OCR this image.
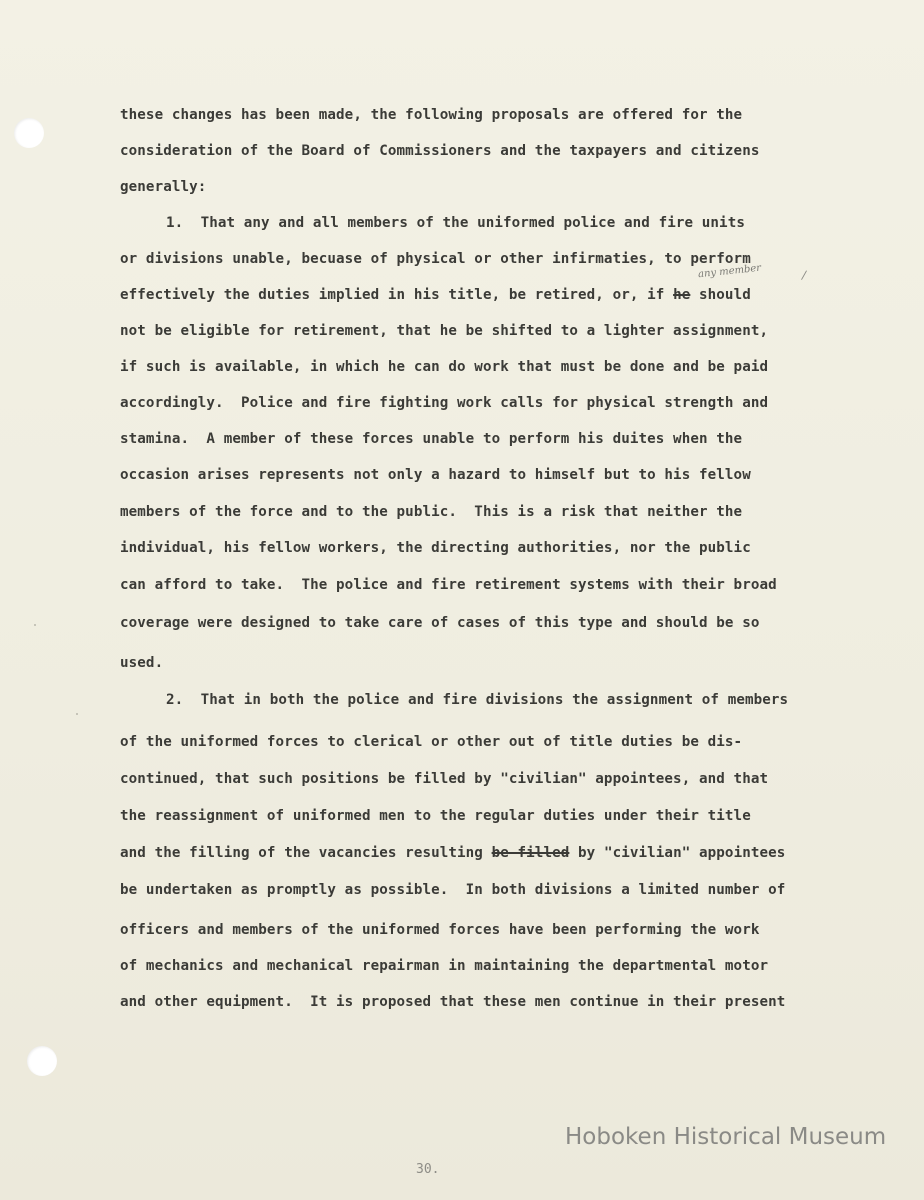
these changes has been made, the following proposals are offered for the
consideration of the Board of Commissioners and the taxpayers and citizens
generally:
1.  That any and all members of the uniformed police and fire units
or divisions unable, becuase of physical or other infirmaties, to perform
effectively the duties implied in his title, be retired, or, if he should
any member	/
not be eligible for retirement, that he be shifted to a lighter assignment,
if such is available, in which he can do work that must be done and be paid
accordingly.  Police and fire fighting work calls for physical strength and
stamina.  A member of these forces unable to perform his duites when the
occasion arises represents not only a hazard to himself but to his fellow
members of the force and to the public.  This is a risk that neither the
individual, his fellow workers, the directing authorities, nor the public
can afford to take.  The police and fire retirement systems with their broad
coverage were designed to take care of cases of this type and should be so
used.
2.  That in both the police and fire divisions the assignment of members
of the uniformed forces to clerical or other out of title duties be dis-
continued, that such positions be filled by "civilian" appointees, and that
the reassignment of uniformed men to the regular duties under their title
and the filling of the vacancies resulting be filled by "civilian" appointees
be undertaken as promptly as possible.  In both divisions a limited number of
officers and members of the uniformed forces have been performing the work
of mechanics and mechanical repairman in maintaining the departmental motor
and other equipment.  It is proposed that these men continue in their present
Hoboken Historical Museum
30.
